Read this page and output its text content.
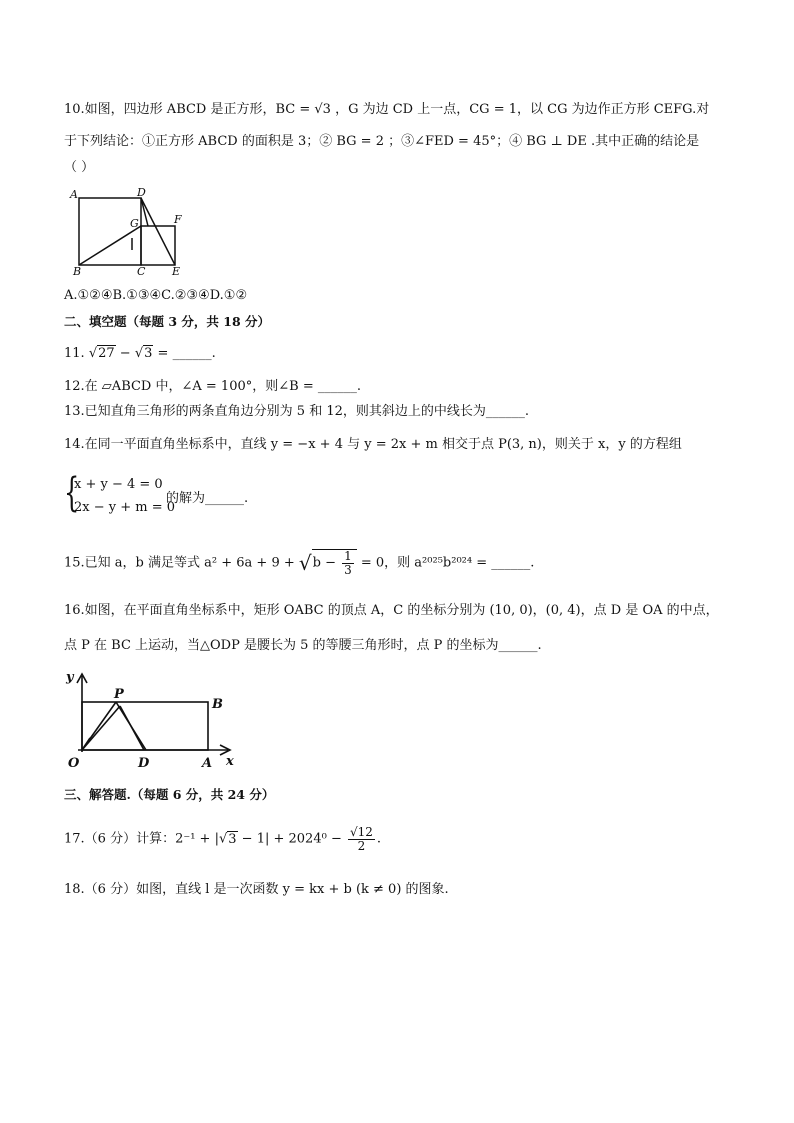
10.如图，四边形 ABCD 是正方形，BC = √3 ，G 为边 CD 上一点，CG = 1，以 CG 为边作正方形 CEFG.对
于下列结论：①正方形 ABCD 的面积是 3；② BG = 2 ；③∠FED = 45°；④ BG ⊥ DE .其中正确的结论是
（ ）
A	D
G	F
B	C E
A.①②④B.①③④C.②③④D.①②
二、填空题（每题 3 分，共 18 分）
11. √27 − √3 = ______.
12.在 ▱ABCD 中，∠A = 100°，则∠B = ______.
13.已知直角三角形的两条直角边分别为 5 和 12，则其斜边上的中线长为______.
14.在同一平面直角坐标系中，直线 y = −x + 4 与 y = 2x + m 相交于点 P(3, n)，则关于 x，y 的方程组
{
x + y − 4 = 0
2x − y + m = 0
的解为______.
15.已知 a，b 满足等式 $a^2 + 6a + 9 + √b - \frac{1}{3} = 0$，则 a²⁰²⁵b²⁰²⁴ = ______.
16.如图，在平面直角坐标系中，矩形 OABC 的顶点 A，C 的坐标分别为 (10, 0)，(0, 4)，点 D 是 OA 的中点，
点 P 在 BC 上运动，当△ODP 是腰长为 5 的等腰三角形时，点 P 的坐标为______.
y
P
B
O	D	A x
三、解答题.（每题 6 分，共 24 分）
17.（6 分）计算：$2^{-1} + |√3 - 1| + 2024^0 - \frac{√12}{2}$ .
18.（6 分）如图，直线 l 是一次函数 y = kx + b (k ≠ 0) 的图象.
